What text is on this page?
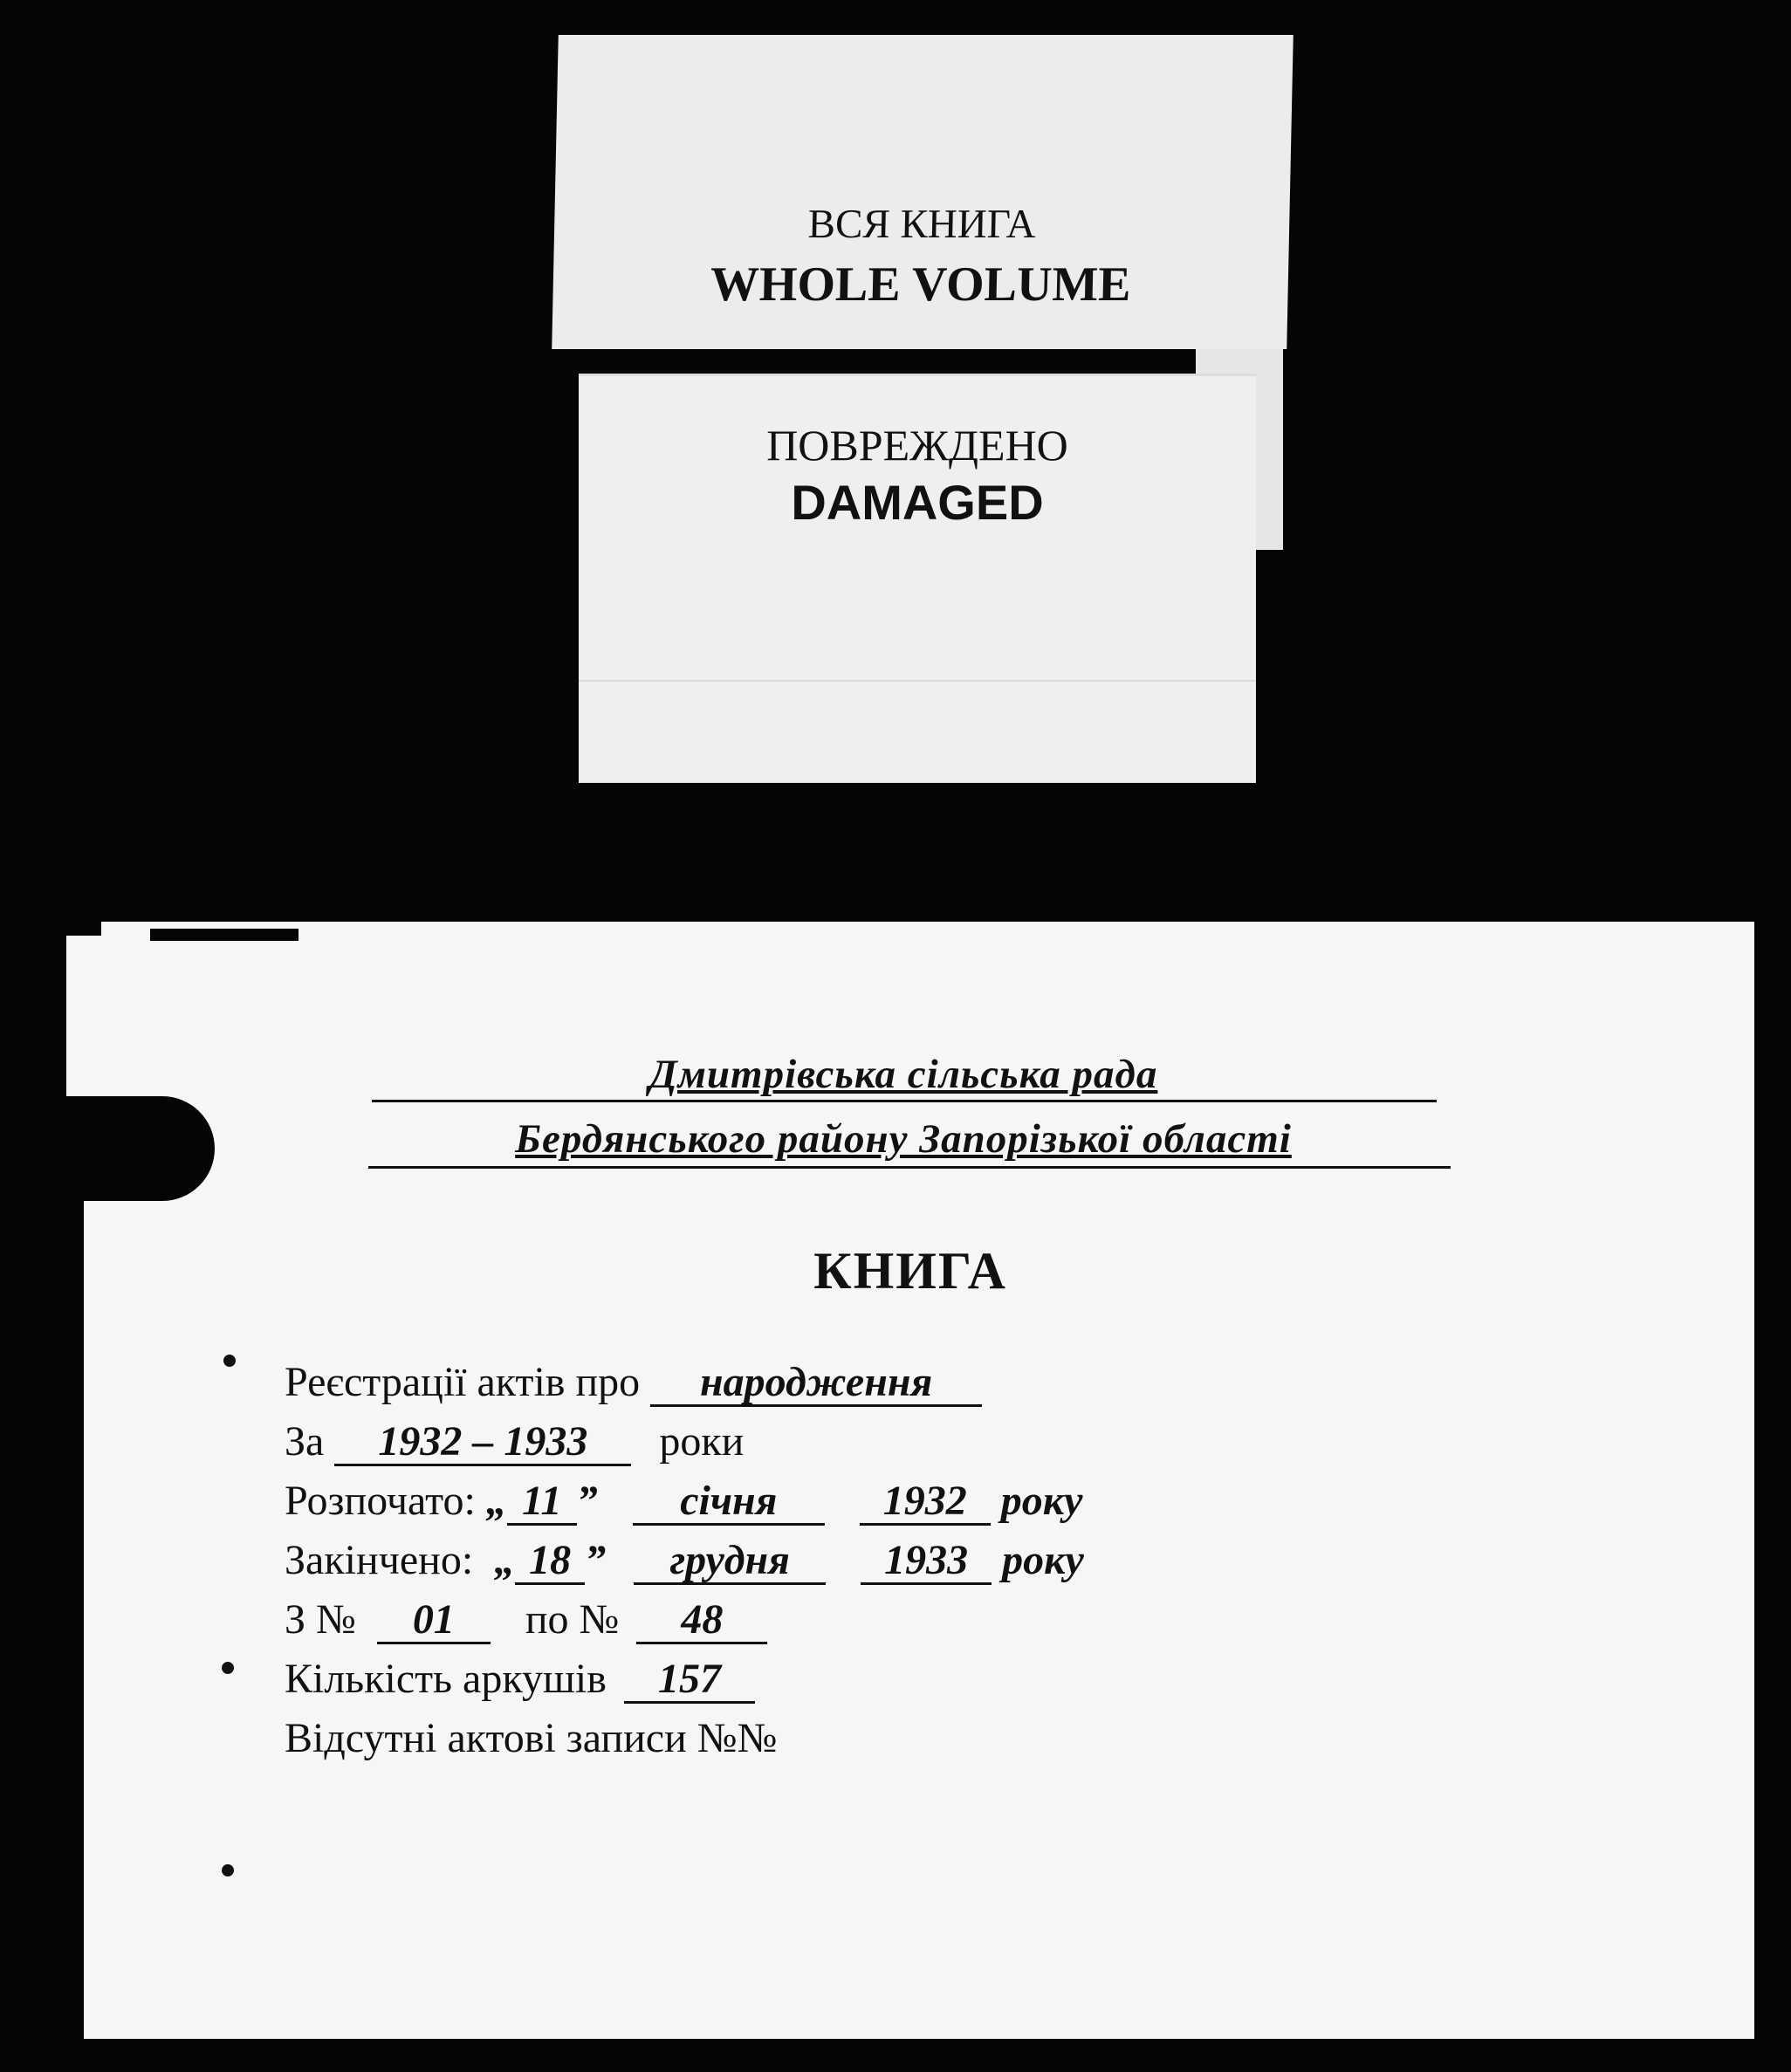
ВСЯ КНИГА
WHOLE VOLUME
ПОВРЕЖДЕНО
DAMAGED
Дмитрівська сільська рада
Бердянського району Запорізької області
КНИГА
Реєстрації актів про народження
За 1932 – 1933 роки
Розпочато: „ 11 ” січня	1932 року
Закінчено: „ 18 ” грудня 1933 року
З № 01 по № 48
Кількість аркушів 157
Відсутні актові записи №№
